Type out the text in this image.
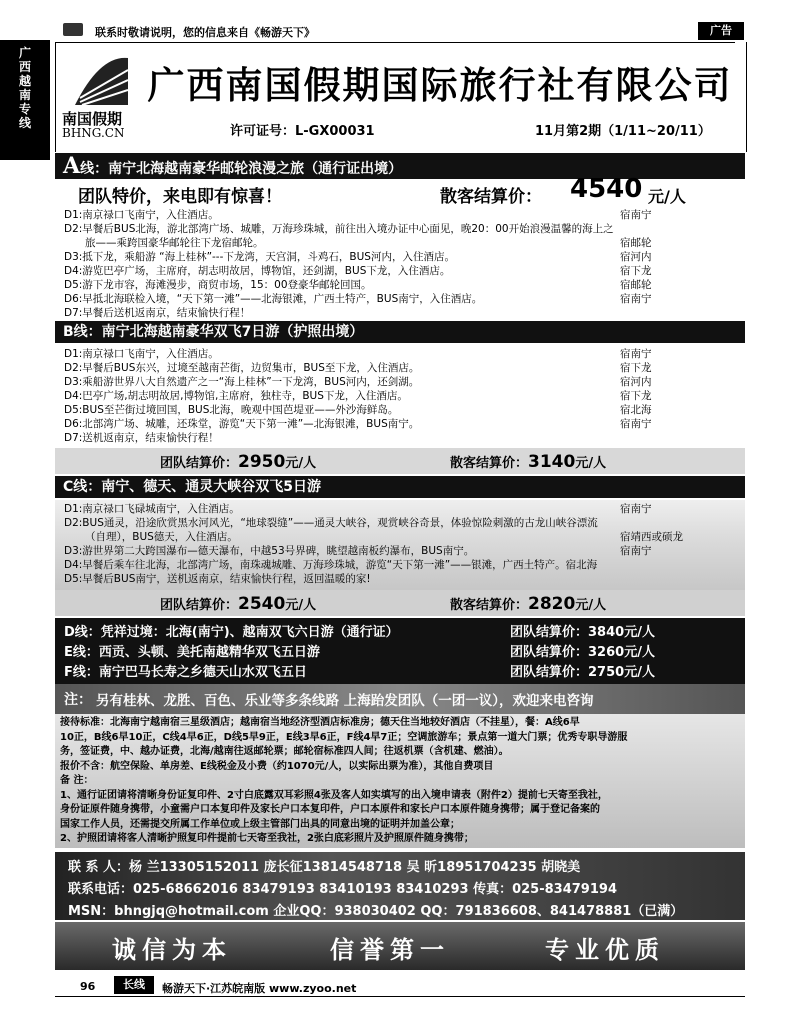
联系时敬请说明，您的信息来自《畅游天下》	广告
广
西
越
南
专
线	南国假期
BHNG.CN
广西南国假期国际旅行社有限公司
许可证号：L-GX00031	11月第2期（1/11~20/11）
A线：南宁北海越南豪华邮轮浪漫之旅（通行证出境）
团队特价，来电即有惊喜！	散客结算价： 4540 元/人
D1:南京禄口飞南宁，入住酒店。	宿南宁
D2:早餐后BUS北海，游北部湾广场、城雕，万海珍珠城，前往出入境办证中心面见，晚20：00开始浪漫温馨的海上之
  旅——乘跨国豪华邮轮往下龙宿邮轮。	宿邮轮
D3:抵下龙，乘船游 “海上桂林”---下龙湾，天宫洞，斗鸡石，BUS河内，入住酒店。	宿河内
D4:游览巴亭广场，主席府，胡志明故居，博物馆，还剑湖，BUS下龙，入住酒店。	宿下龙
D5:游下龙市容，海滩漫步，商贸市场，15：00登豪华邮轮回国。	宿邮轮
D6:早抵北海联检入境，“天下第一滩”——北海银滩，广西土特产，BUS南宁，入住酒店。	宿南宁
D7:早餐后送机返南京，结束愉快行程！
B线：南宁北海越南豪华双飞7日游（护照出境）
D1:南京禄口飞南宁，入住酒店。	宿南宁
D2:早餐后BUS东兴，过境至越南芒街，边贸集市，BUS至下龙，入住酒店。	宿下龙
D3:乘船游世界八大自然遗产之一“海上桂林”一下龙湾，BUS河内，还剑湖。	宿河内
D4:巴亭广场,胡志明故居,博物馆,主席府，独柱寺，BUS下龙，入住酒店。	宿下龙
D5:BUS至芒街过境回国，BUS北海，晚观中国芭堤亚——外沙海鲜岛。	宿北海
D6:北部湾广场、城雕，还珠堂，游览“天下第一滩”—北海银滩，BUS南宁。	宿南宁
D7:送机返南京，结束愉快行程！
团队结算价：2950元/人	散客结算价：3140元/人
C线：南宁、德天、通灵大峡谷双飞5日游
D1:南京禄口飞碌城南宁，入住酒店。	宿南宁
D2:BUS通灵，沿途欣赏黑水河风光，“地球裂缝”——通灵大峡谷，观赏峡谷奇景，体验惊险刺激的古龙山峡谷漂流
  （自理），BUS德天，入住酒店。	宿靖西或硕龙
D3:游世界第二大跨国瀑布—德天瀑布，中越53号界碑，眺望越南板约瀑布，BUS南宁。	宿南宁
D4:早餐后乘车往北海，北部湾广场，南珠魂城雕、万海珍珠城，游览“天下第一滩”——银滩，广西土特产。宿北海
D5:早餐后BUS南宁，送机返南京，结束愉快行程，返回温暖的家!
团队结算价：2540元/人	散客结算价：2820元/人
D线：凭祥过境：北海(南宁)、越南双飞六日游（通行证）	团队结算价：3840元/人
E线：西贡、头顿、美托南越精华双飞五日游	团队结算价：3260元/人
F线：南宁巴马长寿之乡德天山水双飞五日	团队结算价：2750元/人
注： 另有桂林、龙胜、百色、乐业等多条线路 上海跆发团队（一团一议），欢迎来电咨询
接待标准：北海南宁越南宿三星级酒店；越南宿当地经济型酒店标准房；德天住当地较好酒店（不挂星），餐：A线6早
10正，B线6早10正，C线4早6正，D线5早9正，E线3早6正，F线4早7正；空调旅游车；景点第一道大门票；优秀专职导游服
务，签证费，中、越办证费，北海/越南往返邮轮票；邮轮宿标准四人间；往返机票（含机建、燃油）。
报价不含：航空保险、单房差、E线税金及小费（约1070元/人，以实际出票为准），其他自费项目
备 注：
1、通行证团请将清晰身份证复印件、2寸白底露双耳彩照4张及客人如实填写的出入境申请表（附件2）提前七天寄至我社，
身份证原件随身携带，小童需户口本复印件及家长户口本复印件，户口本原件和家长户口本原件随身携带；属于登记备案的
国家工作人员，还需提交所属工作单位或上级主管部门出具的同意出境的证明并加盖公章；
2、护照团请将客人清晰护照复印件提前七天寄至我社，2张白底彩照片及护照原件随身携带；
联 系 人：杨 兰13305152011 庞长征13814548718 吴 昕18951704235 胡晓美
联系电话：025-68662016 83479193 83410193 83410293 传真：025-83479194
MSN：bhngjq@hotmail.com 企业QQ：938030402 QQ：791836608、841478881（已满）
诚信为本	信誉第一	专业优质
96	长线	畅游天下·江苏皖南版 www.zyoo.net
